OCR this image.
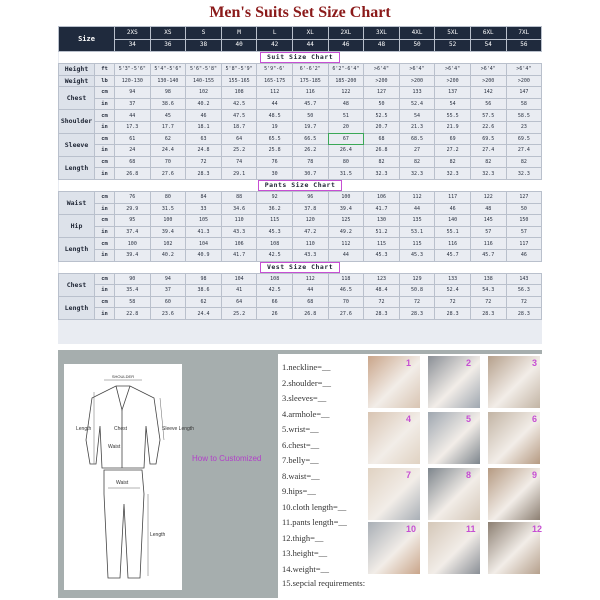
Men's Suits Set Size Chart
Size		2XS	XS	S	M	L	XL	2XL	3XL	4XL	5XL	6XL	7XL
		34	36	38	40	42	44	46	48	50	52	54	56
Suit Size Chart													
Height	ft	5'3"-5'6"	5'4"-5'6"	5'6"-5'8"	5'8"-5'9"	5'9"-6'	6'-6'2"	6'2"-6'4"	>6'4"	>6'4"	>6'4"	>6'4"	>6'4"
Weight	lb	120-130	130-140	140-155	155-165	165-175	175-185	185-200	>200	>200	>200	>200	>200
Chest	cm	94	98	102	108	112	116	122	127	133	137	142	147
	in	37	38.6	40.2	42.5	44	45.7	48	50	52.4	54	56	58
Shoulder	cm	44	45	46	47.5	48.5	50	51	52.5	54	55.5	57.5	58.5
	in	17.3	17.7	18.1	18.7	19	19.7	20	20.7	21.3	21.9	22.6	23
Sleeve	cm	61	62	63	64	65.5	66.5	67	68	68.5	69	69.5	69.5
	in	24	24.4	24.8	25.2	25.8	26.2	26.4	26.8	27	27.2	27.4	27.4
Length	cm	68	70	72	74	76	78	80	82	82	82	82	82
	in	26.8	27.6	28.3	29.1	30	30.7	31.5	32.3	32.3	32.3	32.3	32.3
Pants Size Chart													
Waist	cm	76	80	84	88	92	96	100	106	112	117	122	127
	in	29.9	31.5	33	34.6	36.2	37.8	39.4	41.7	44	46	48	50
Hip	cm	95	100	105	110	115	120	125	130	135	140	145	150
	in	37.4	39.4	41.3	43.3	45.3	47.2	49.2	51.2	53.1	55.1	57	57
Length	cm	100	102	104	106	108	110	112	115	115	116	116	117
	in	39.4	40.2	40.9	41.7	42.5	43.3	44	45.3	45.3	45.7	45.7	46
Vest Size Chart													
Chest	cm	90	94	98	104	108	112	118	123	129	133	138	143
	in	35.4	37	38.6	41	42.5	44	46.5	48.4	50.8	52.4	54.3	56.3
Length	cm	58	60	62	64	66	68	70	72	72	72	72	72
	in	22.8	23.6	24.4	25.2	26	26.8	27.6	28.3	28.3	28.3	28.3	28.3
SHOULDER
Length	Chest
Waist
Sleeve Length
Waist
Length
How to Customized
1.neckline=__
2.shoulder=__
3.sleeves=__
4.armhole=__
5.wrist=__
6.chest=__
7.belly=__
8.waist=__
9.hips=__
10.cloth length=__
11.pants length=__
12.thigh=__
13.height=__
14.weight=__
15.sepcial requirements:
1	2	3
4	5	6
7	8	9
10	11	12
